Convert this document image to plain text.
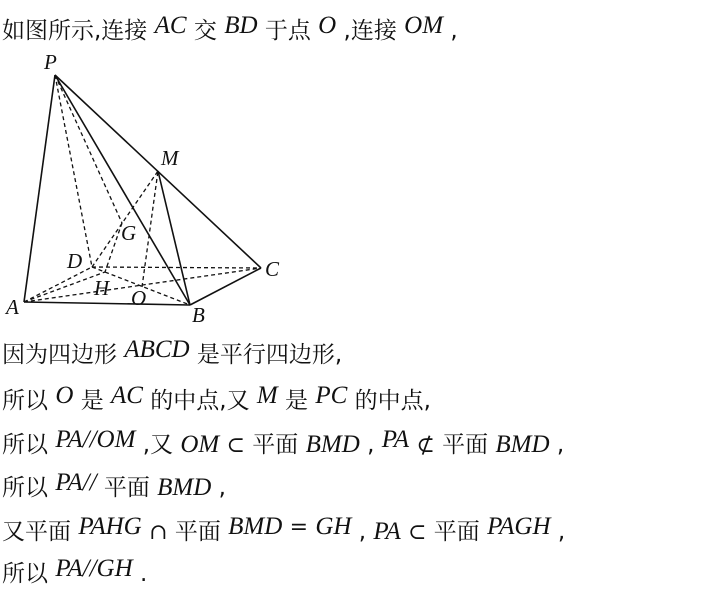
如图所示,连接 AC 交 BD 于点 O ,连接 OM ,
P
M
G
D	C
H
A	O
B
因为四边形 ABCD 是平行四边形,
所以 O 是 AC 的中点,又 M 是 PC 的中点,
所以 PA//OM ,又 OM ⊂ 平面 BMD , PA ⊄ 平面 BMD ,
所以 PA// 平面 BMD ,
又平面 PAHG ∩ 平面 BMD = GH , PA ⊂ 平面 PAGH ,
所以 PA//GH .
